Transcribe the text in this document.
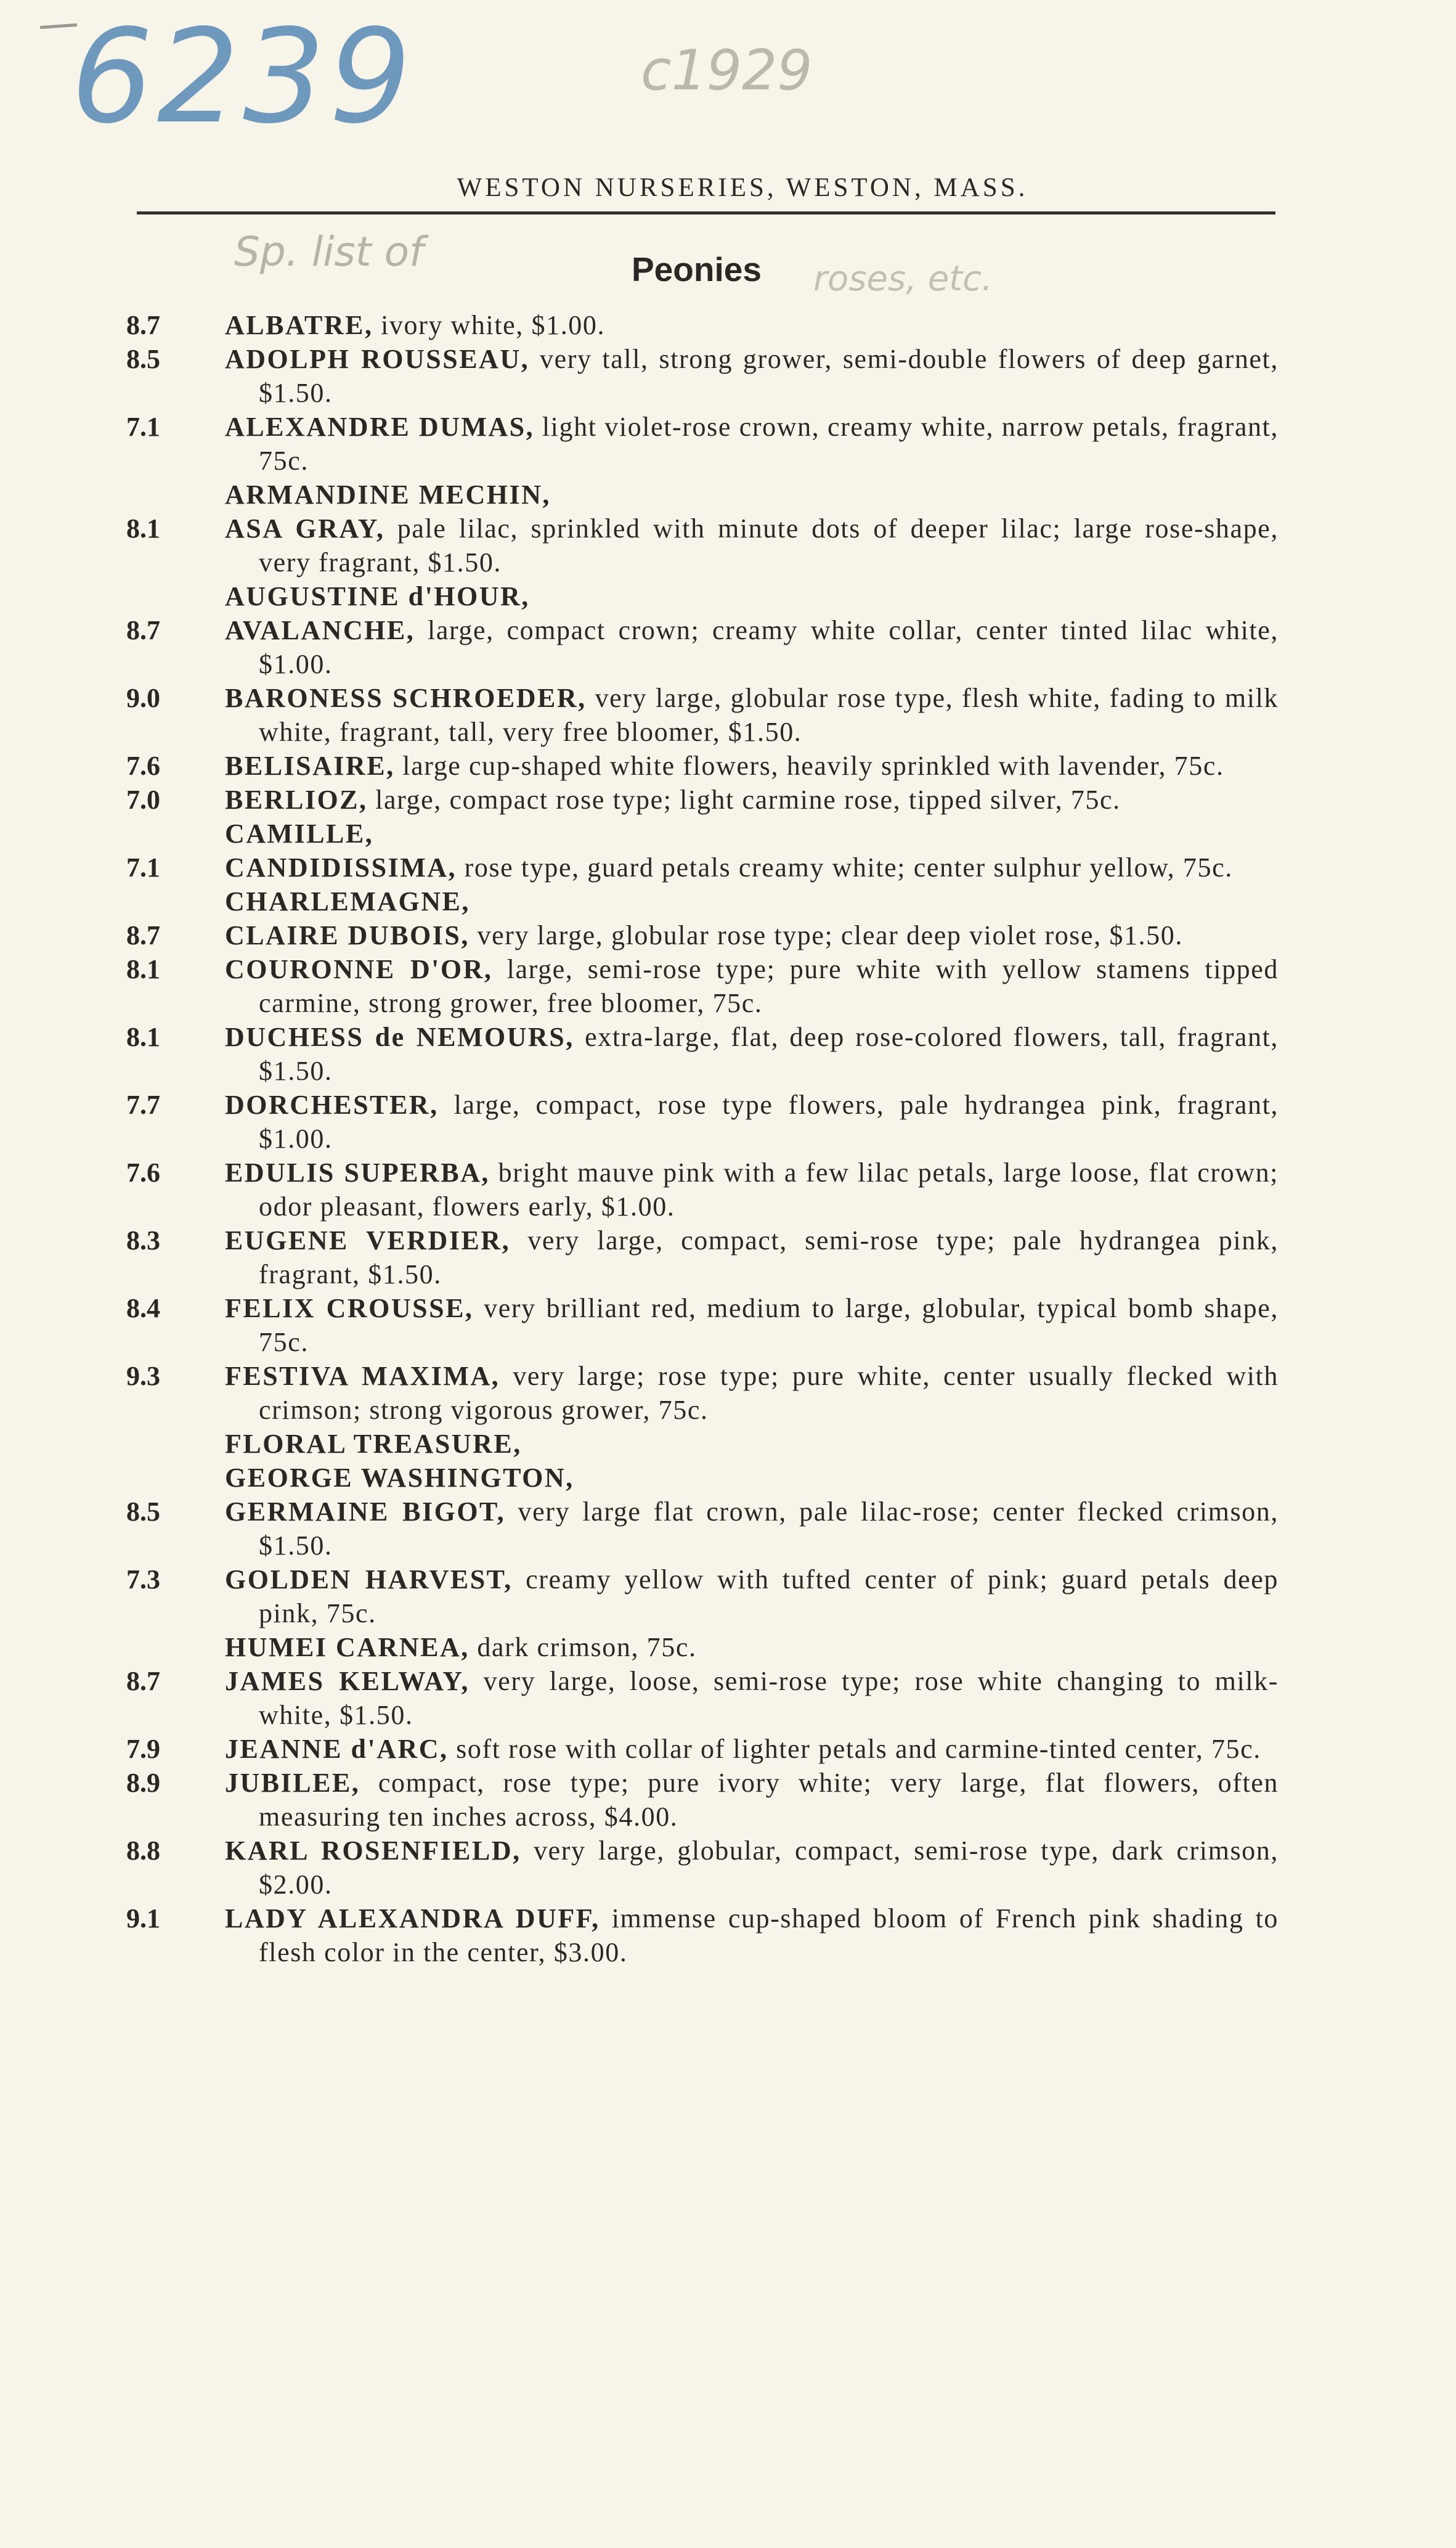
6239	c1929
WESTON NURSERIES, WESTON, MASS.
Sp. list of	Peonies roses, etc.
8.7	ALBATRE, ivory white, $1.00.
8.5	ADOLPH ROUSSEAU, very tall, strong grower, semi-double flowers of deep garnet, $1.50.
7.1	ALEXANDRE DUMAS, light violet-rose crown, creamy white, narrow petals, fragrant, 75c.
ARMANDINE MECHIN,
8.1	ASA GRAY, pale lilac, sprinkled with minute dots of deeper lilac; large rose-shape, very fragrant, $1.50.
AUGUSTINE d'HOUR,
8.7	AVALANCHE, large, compact crown; creamy white collar, center tinted lilac white, $1.00.
9.0	BARONESS SCHROEDER, very large, globular rose type, flesh white, fading to milk white, fragrant, tall, very free bloomer, $1.50.
7.6	BELISAIRE, large cup-shaped white flowers, heavily sprinkled with lavender, 75c.
7.0	BERLIOZ, large, compact rose type; light carmine rose, tipped silver, 75c.
CAMILLE,
7.1	CANDIDISSIMA, rose type, guard petals creamy white; center sulphur yellow, 75c.
CHARLEMAGNE,
8.7	CLAIRE DUBOIS, very large, globular rose type; clear deep violet rose, $1.50.
8.1	COURONNE D'OR, large, semi-rose type; pure white with yellow stamens tipped carmine, strong grower, free bloomer, 75c.
8.1	DUCHESS de NEMOURS, extra-large, flat, deep rose-colored flowers, tall, fragrant, $1.50.
7.7	DORCHESTER, large, compact, rose type flowers, pale hydrangea pink, fragrant, $1.00.
7.6	EDULIS SUPERBA, bright mauve pink with a few lilac petals, large loose, flat crown; odor pleasant, flowers early, $1.00.
8.3	EUGENE VERDIER, very large, compact, semi-rose type; pale hydrangea pink, fragrant, $1.50.
8.4	FELIX CROUSSE, very brilliant red, medium to large, globular, typical bomb shape, 75c.
9.3	FESTIVA MAXIMA, very large; rose type; pure white, center usually flecked with crimson; strong vigorous grower, 75c.
FLORAL TREASURE,
GEORGE WASHINGTON,
8.5	GERMAINE BIGOT, very large flat crown, pale lilac-rose; center flecked crimson, $1.50.
7.3	GOLDEN HARVEST, creamy yellow with tufted center of pink; guard petals deep pink, 75c.
HUMEI CARNEA, dark crimson, 75c.
8.7	JAMES KELWAY, very large, loose, semi-rose type; rose white changing to milk-white, $1.50.
7.9	JEANNE d'ARC, soft rose with collar of lighter petals and carmine-tinted center, 75c.
8.9	JUBILEE, compact, rose type; pure ivory white; very large, flat flowers, often measuring ten inches across, $4.00.
8.8	KARL ROSENFIELD, very large, globular, compact, semi-rose type, dark crimson, $2.00.
9.1	LADY ALEXANDRA DUFF, immense cup-shaped bloom of French pink shading to flesh color in the center, $3.00.
